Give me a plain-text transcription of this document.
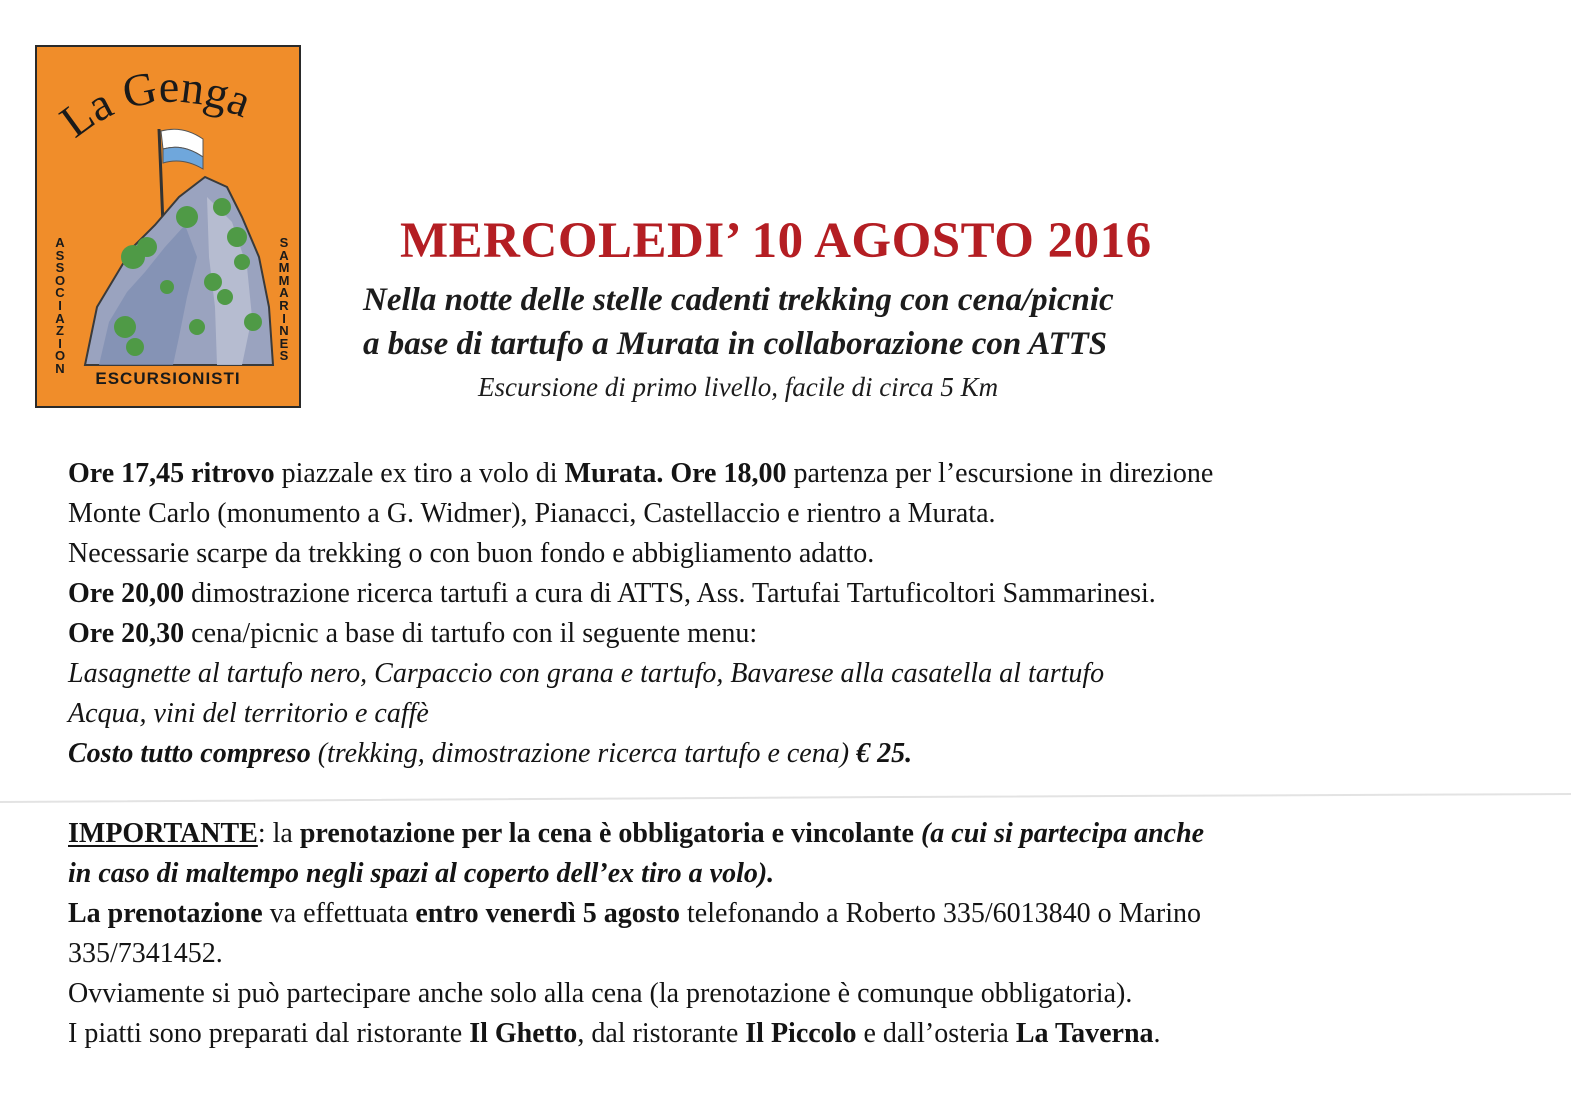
La Genga
A
S
S
O
C
I
A
Z
I
O
N
S
A
M
M
A
R
I
N
E
S
ESCURSIONISTI
MERCOLEDI’ 10 AGOSTO 2016
Nella notte delle stelle cadenti trekking con cena/picnic
a base di tartufo a Murata in collaborazione con ATTS
Escursione di primo livello, facile di circa 5 Km
Ore 17,45 ritrovo piazzale ex tiro a volo di Murata. Ore 18,00 partenza per l’escursione in direzione
Monte Carlo (monumento a G. Widmer), Pianacci, Castellaccio e rientro a Murata.
Necessarie scarpe da trekking o con buon fondo e abbigliamento adatto.
Ore 20,00 dimostrazione ricerca tartufi a cura di ATTS, Ass. Tartufai Tartuficoltori Sammarinesi.
Ore 20,30 cena/picnic a base di tartufo con il seguente menu:
Lasagnette al tartufo nero, Carpaccio con grana e tartufo, Bavarese alla casatella al tartufo
Acqua, vini del territorio e caffè
Costo tutto compreso (trekking, dimostrazione ricerca tartufo e cena) € 25.
IMPORTANTE: la prenotazione per la cena è obbligatoria e vincolante (a cui si partecipa anche
in caso di maltempo negli spazi al coperto dell’ex tiro a volo).
La prenotazione va effettuata entro venerdì 5 agosto telefonando a Roberto 335/6013840 o Marino
335/7341452.
Ovviamente si può partecipare anche solo alla cena (la prenotazione è comunque obbligatoria).
I piatti sono preparati dal ristorante Il Ghetto, dal ristorante Il Piccolo e dall’osteria La Taverna.
